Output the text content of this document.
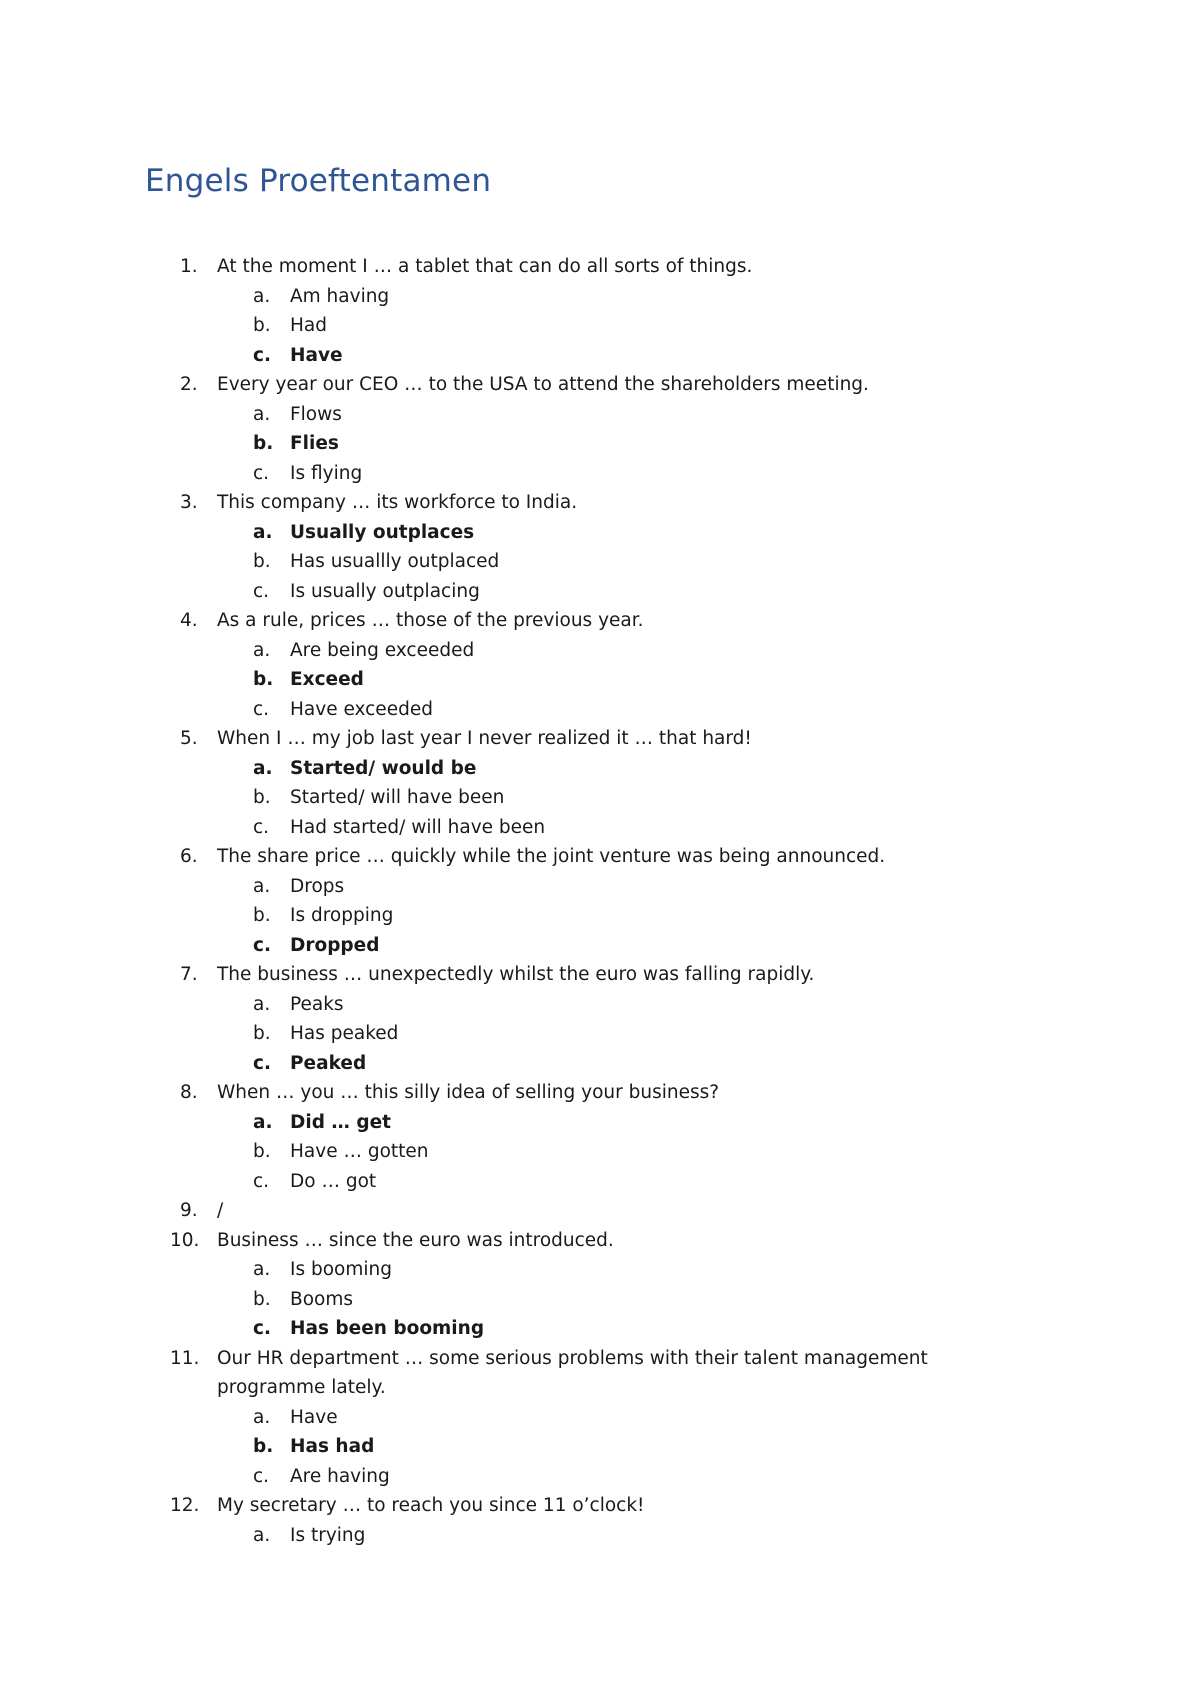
Engels Proeftentamen
1. At the moment I … a tablet that can do all sorts of things.
a. Am having
b. Had
c. Have
2. Every year our CEO … to the USA to attend the shareholders meeting.
a. Flows
b. Flies
c. Is flying
3. This company … its workforce to India.
a. Usually outplaces
b. Has usuallly outplaced
c. Is usually outplacing
4. As a rule, prices … those of the previous year.
a. Are being exceeded
b. Exceed
c. Have exceeded
5. When I … my job last year I never realized it … that hard!
a. Started/ would be
b. Started/ will have been
c. Had started/ will have been
6. The share price … quickly while the joint venture was being announced.
a. Drops
b. Is dropping
c. Dropped
7. The business … unexpectedly whilst the euro was falling rapidly.
a. Peaks
b. Has peaked
c. Peaked
8. When … you … this silly idea of selling your business?
a. Did … get
b. Have … gotten
c. Do … got
9. /
10. Business … since the euro was introduced.
a. Is booming
b. Booms
c. Has been booming
11. Our HR department … some serious problems with their talent management programme lately.
a. Have
b. Has had
c. Are having
12. My secretary … to reach you since 11 o’clock!
a. Is trying
